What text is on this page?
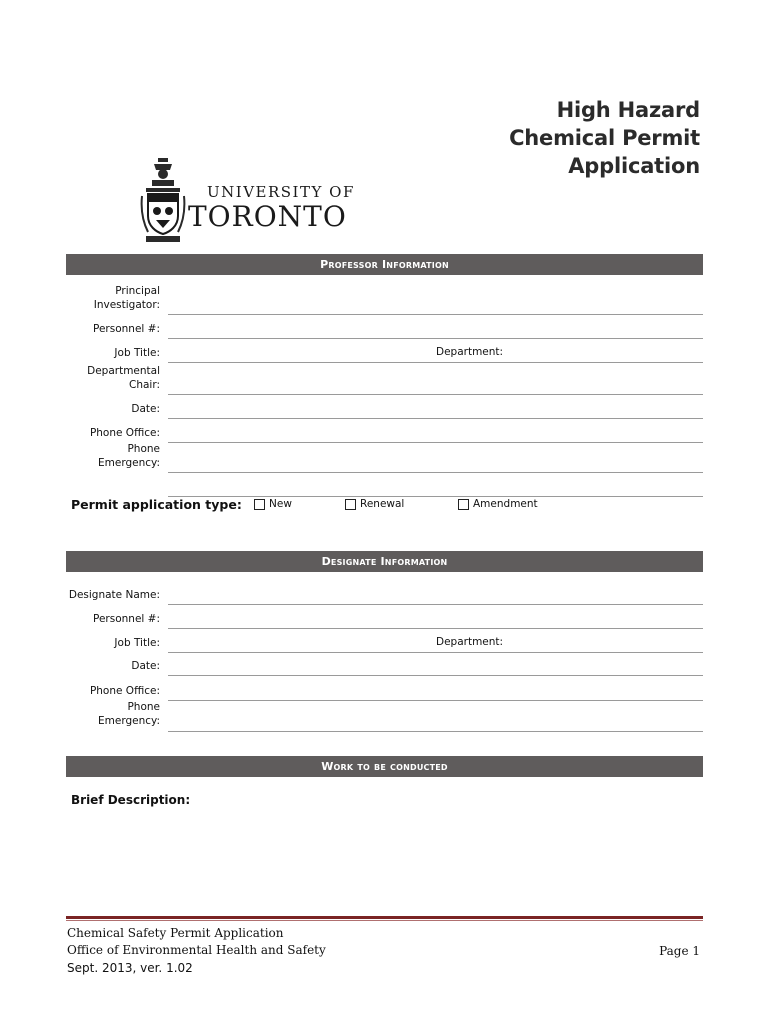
High Hazard
Chemical Permit
Application
UNIVERSITY OF
TORONTO
Professor Information
Principal
Investigator:
Personnel #:
Job Title:	Department:
Departmental
Chair:
Date:
Phone Office:
Phone
Emergency:
Permit application type:	New	Renewal	Amendment
Designate Information
Designate Name:
Personnel #:
Job Title:	Department:
Date:
Phone Office:
Phone
Emergency:
Work to be conducted
Brief Description:
Chemical Safety Permit Application
Office of Environmental Health and Safety
Sept. 2013, ver. 1.02
Page 1
